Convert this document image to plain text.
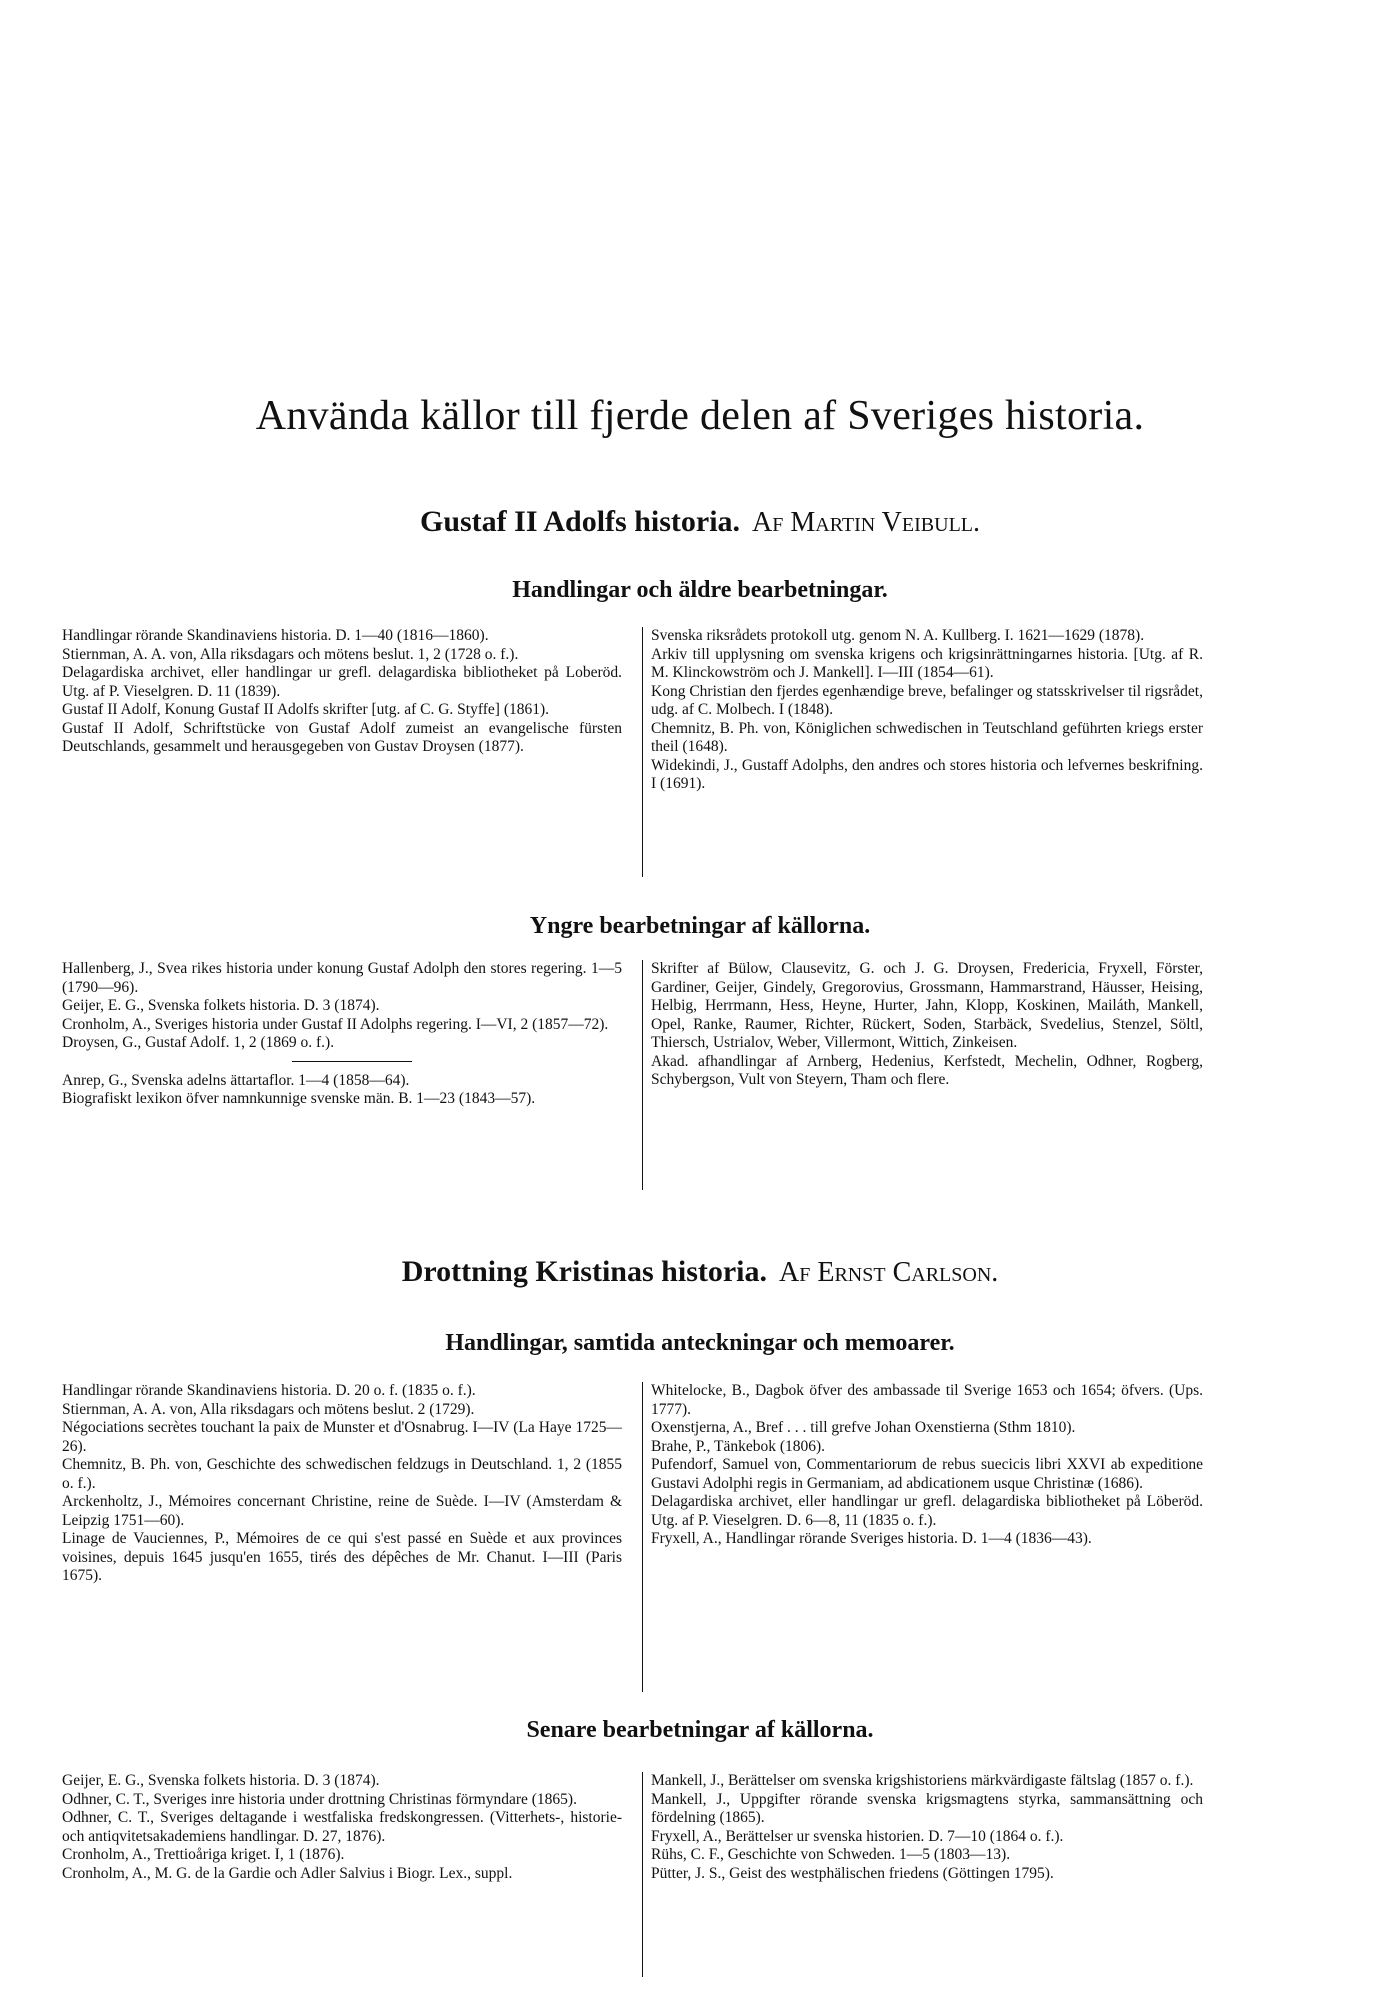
Använda källor till fjerde delen af Sveriges historia.
Gustaf II Adolfs historia. Af Martin Veibull.
Handlingar och äldre bearbetningar.

Handlingar rörande Skandinaviens historia. D. 1—40 (1816—1860).

Stiernman, A. A. von, Alla riksdagars och mötens beslut. 1, 2 (1728 o. f.).

Delagardiska archivet, eller handlingar ur grefl. delagardiska bibliotheket på Loberöd. Utg. af P. Vieselgren. D. 11 (1839).

Gustaf II Adolf, Konung Gustaf II Adolfs skrifter [utg. af C. G. Styffe] (1861).

Gustaf II Adolf, Schriftstücke von Gustaf Adolf zumeist an evangelische fürsten Deutschlands, gesammelt und herausgegeben von Gustav Droysen (1877).

Svenska riksrådets protokoll utg. genom N. A. Kullberg. I. 1621—1629 (1878).

Arkiv till upplysning om svenska krigens och krigsinrättningarnes historia. [Utg. af R. M. Klinckowström och J. Mankell]. I—III (1854—61).

Kong Christian den fjerdes egenhændige breve, befalinger og statsskrivelser til rigsrådet, udg. af C. Molbech. I (1848).

Chemnitz, B. Ph. von, Königlichen schwedischen in Teutschland geführten kriegs erster theil (1648).

Widekindi, J., Gustaff Adolphs, den andres och stores historia och lefvernes beskrifning. I (1691).

Yngre bearbetningar af källorna.

Hallenberg, J., Svea rikes historia under konung Gustaf Adolph den stores regering. 1—5 (1790—96).

Geijer, E. G., Svenska folkets historia. D. 3 (1874).

Cronholm, A., Sveriges historia under Gustaf II Adolphs regering. I—VI, 2 (1857—72).

Droysen, G., Gustaf Adolf. 1, 2 (1869 o. f.).

Anrep, G., Svenska adelns ättartaflor. 1—4 (1858—64).

Biografiskt lexikon öfver namnkunnige svenske män. B. 1—23 (1843—57).

Skrifter af Bülow, Clausevitz, G. och J. G. Droysen, Fredericia, Fryxell, Förster, Gardiner, Geijer, Gindely, Gregorovius, Grossmann, Hammarstrand, Häusser, Heising, Helbig, Herrmann, Hess, Heyne, Hurter, Jahn, Klopp, Koskinen, Mailáth, Mankell, Opel, Ranke, Raumer, Richter, Rückert, Soden, Starbäck, Svedelius, Stenzel, Söltl, Thiersch, Ustrialov, Weber, Villermont, Wittich, Zinkeisen.

Akad. afhandlingar af Arnberg, Hedenius, Kerfstedt, Mechelin, Odhner, Rogberg, Schybergson, Vult von Steyern, Tham och flere.

Drottning Kristinas historia. Af Ernst Carlson.
Handlingar, samtida anteckningar och memoarer.

Handlingar rörande Skandinaviens historia. D. 20 o. f. (1835 o. f.).

Stiernman, A. A. von, Alla riksdagars och mötens beslut. 2 (1729).

Négociations secrètes touchant la paix de Munster et d'Osnabrug. I—IV (La Haye 1725—26).

Chemnitz, B. Ph. von, Geschichte des schwedischen feldzugs in Deutschland. 1, 2 (1855 o. f.).

Arckenholtz, J., Mémoires concernant Christine, reine de Suède. I—IV (Amsterdam & Leipzig 1751—60).

Linage de Vauciennes, P., Mémoires de ce qui s'est passé en Suède et aux provinces voisines, depuis 1645 jusqu'en 1655, tirés des dépêches de Mr. Chanut. I—III (Paris 1675).

Whitelocke, B., Dagbok öfver des ambassade til Sverige 1653 och 1654; öfvers. (Ups. 1777).

Oxenstjerna, A., Bref . . . till grefve Johan Oxenstierna (Sthm 1810).

Brahe, P., Tänkebok (1806).

Pufendorf, Samuel von, Commentariorum de rebus suecicis libri XXVI ab expeditione Gustavi Adolphi regis in Germaniam, ad abdicationem usque Christinæ (1686).

Delagardiska archivet, eller handlingar ur grefl. delagardiska bibliotheket på Löberöd. Utg. af P. Vieselgren. D. 6—8, 11 (1835 o. f.).

Fryxell, A., Handlingar rörande Sveriges historia. D. 1—4 (1836—43).

Senare bearbetningar af källorna.

Geijer, E. G., Svenska folkets historia. D. 3 (1874).

Odhner, C. T., Sveriges inre historia under drottning Christinas förmyndare (1865).

Odhner, C. T., Sveriges deltagande i westfaliska fredskongressen. (Vitterhets-, historie- och antiqvitetsakademiens handlingar. D. 27, 1876).

Cronholm, A., Trettioåriga kriget. I, 1 (1876).

Cronholm, A., M. G. de la Gardie och Adler Salvius i Biogr. Lex., suppl.

Mankell, J., Berättelser om svenska krigshistoriens märkvärdigaste fältslag (1857 o. f.).

Mankell, J., Uppgifter rörande svenska krigsmagtens styrka, sammansättning och fördelning (1865).

Fryxell, A., Berättelser ur svenska historien. D. 7—10 (1864 o. f.).

Rühs, C. F., Geschichte von Schweden. 1—5 (1803—13).

Pütter, J. S., Geist des westphälischen friedens (Göttingen 1795).
